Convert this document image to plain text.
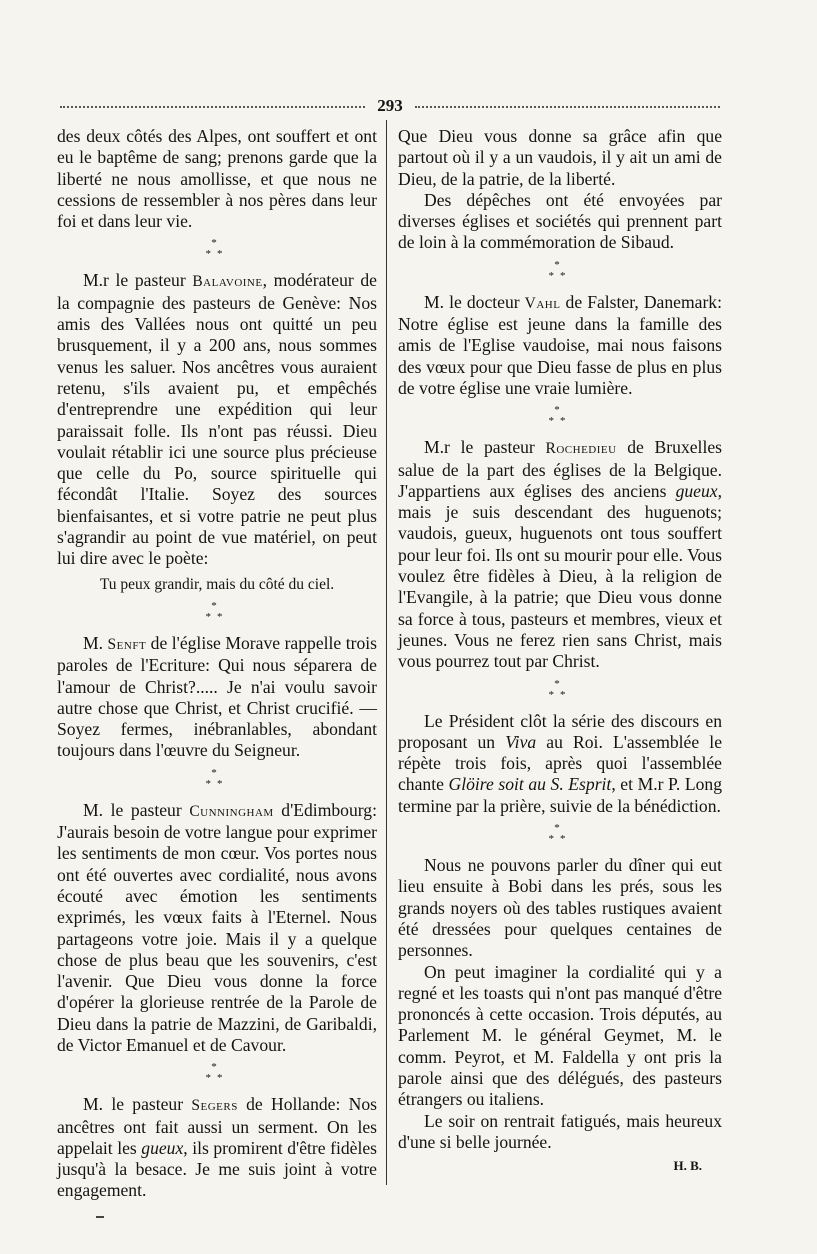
293

des deux côtés des Alpes, ont souffert et ont eu le baptême de sang; prenons garde que la liberté ne nous amollisse, et que nous ne cessions de ressembler à nos pères dans leur foi et dans leur vie.

*
**

M.r le pasteur Balavoine, modérateur de la compagnie des pasteurs de Genève: Nos amis des Vallées nous ont quitté un peu brusquement, il y a 200 ans, nous sommes venus les saluer. Nos ancêtres vous auraient retenu, s'ils avaient pu, et empêchés d'entreprendre une expédition qui leur paraissait folle. Ils n'ont pas réussi. Dieu voulait rétablir ici une source plus précieuse que celle du Po, source spirituelle qui fécondât l'Italie. Soyez des sources bienfaisantes, et si votre patrie ne peut plus s'agrandir au point de vue matériel, on peut lui dire avec le poète:

Tu peux grandir, mais du côté du ciel.

*
**

M. Senft de l'église Morave rappelle trois paroles de l'Ecriture: Qui nous séparera de l'amour de Christ?..... Je n'ai voulu savoir autre chose que Christ, et Christ crucifié. — Soyez fermes, inébranlables, abondant toujours dans l'œuvre du Seigneur.

*
**

M. le pasteur Cunningham d'Edimbourg: J'aurais besoin de votre langue pour exprimer les sentiments de mon cœur. Vos portes nous ont été ouvertes avec cordialité, nous avons écouté avec émotion les sentiments exprimés, les vœux faits à l'Eternel. Nous partageons votre joie. Mais il y a quelque chose de plus beau que les souvenirs, c'est l'avenir. Que Dieu vous donne la force d'opérer la glorieuse rentrée de la Parole de Dieu dans la patrie de Mazzini, de Garibaldi, de Victor Emanuel et de Cavour.

*
**

M. le pasteur Segers de Hollande: Nos ancêtres ont fait aussi un serment. On les appelait les gueux, ils promirent d'être fidèles jusqu'à la besace. Je me suis joint à votre engagement.

Que Dieu vous donne sa grâce afin que partout où il y a un vaudois, il y ait un ami de Dieu, de la patrie, de la liberté.

Des dépêches ont été envoyées par diverses églises et sociétés qui prennent part de loin à la commémoration de Sibaud.

*
**

M. le docteur Vahl de Falster, Danemark: Notre église est jeune dans la famille des amis de l'Eglise vaudoise, mai nous faisons des vœux pour que Dieu fasse de plus en plus de votre église une vraie lumière.

*
**

M.r le pasteur Rochedieu de Bruxelles salue de la part des églises de la Belgique. J'appartiens aux églises des anciens gueux, mais je suis descendant des huguenots; vaudois, gueux, huguenots ont tous souffert pour leur foi. Ils ont su mourir pour elle. Vous voulez être fidèles à Dieu, à la religion de l'Evangile, à la patrie; que Dieu vous donne sa force à tous, pasteurs et membres, vieux et jeunes. Vous ne ferez rien sans Christ, mais vous pourrez tout par Christ.

*
**

Le Président clôt la série des discours en proposant un Viva au Roi. L'assemblée le répète trois fois, après quoi l'assemblée chante Glöire soit au S. Esprit, et M.r P. Long termine par la prière, suivie de la bénédiction.

*
**

Nous ne pouvons parler du dîner qui eut lieu ensuite à Bobi dans les prés, sous les grands noyers où des tables rustiques avaient été dressées pour quelques centaines de personnes.

On peut imaginer la cordialité qui y a regné et les toasts qui n'ont pas manqué d'être prononcés à cette occasion. Trois députés, au Parlement M. le général Geymet, M. le comm. Peyrot, et M. Faldella y ont pris la parole ainsi que des délégués, des pasteurs étrangers ou italiens.

Le soir on rentrait fatigués, mais heureux d'une si belle journée.

H. B.
